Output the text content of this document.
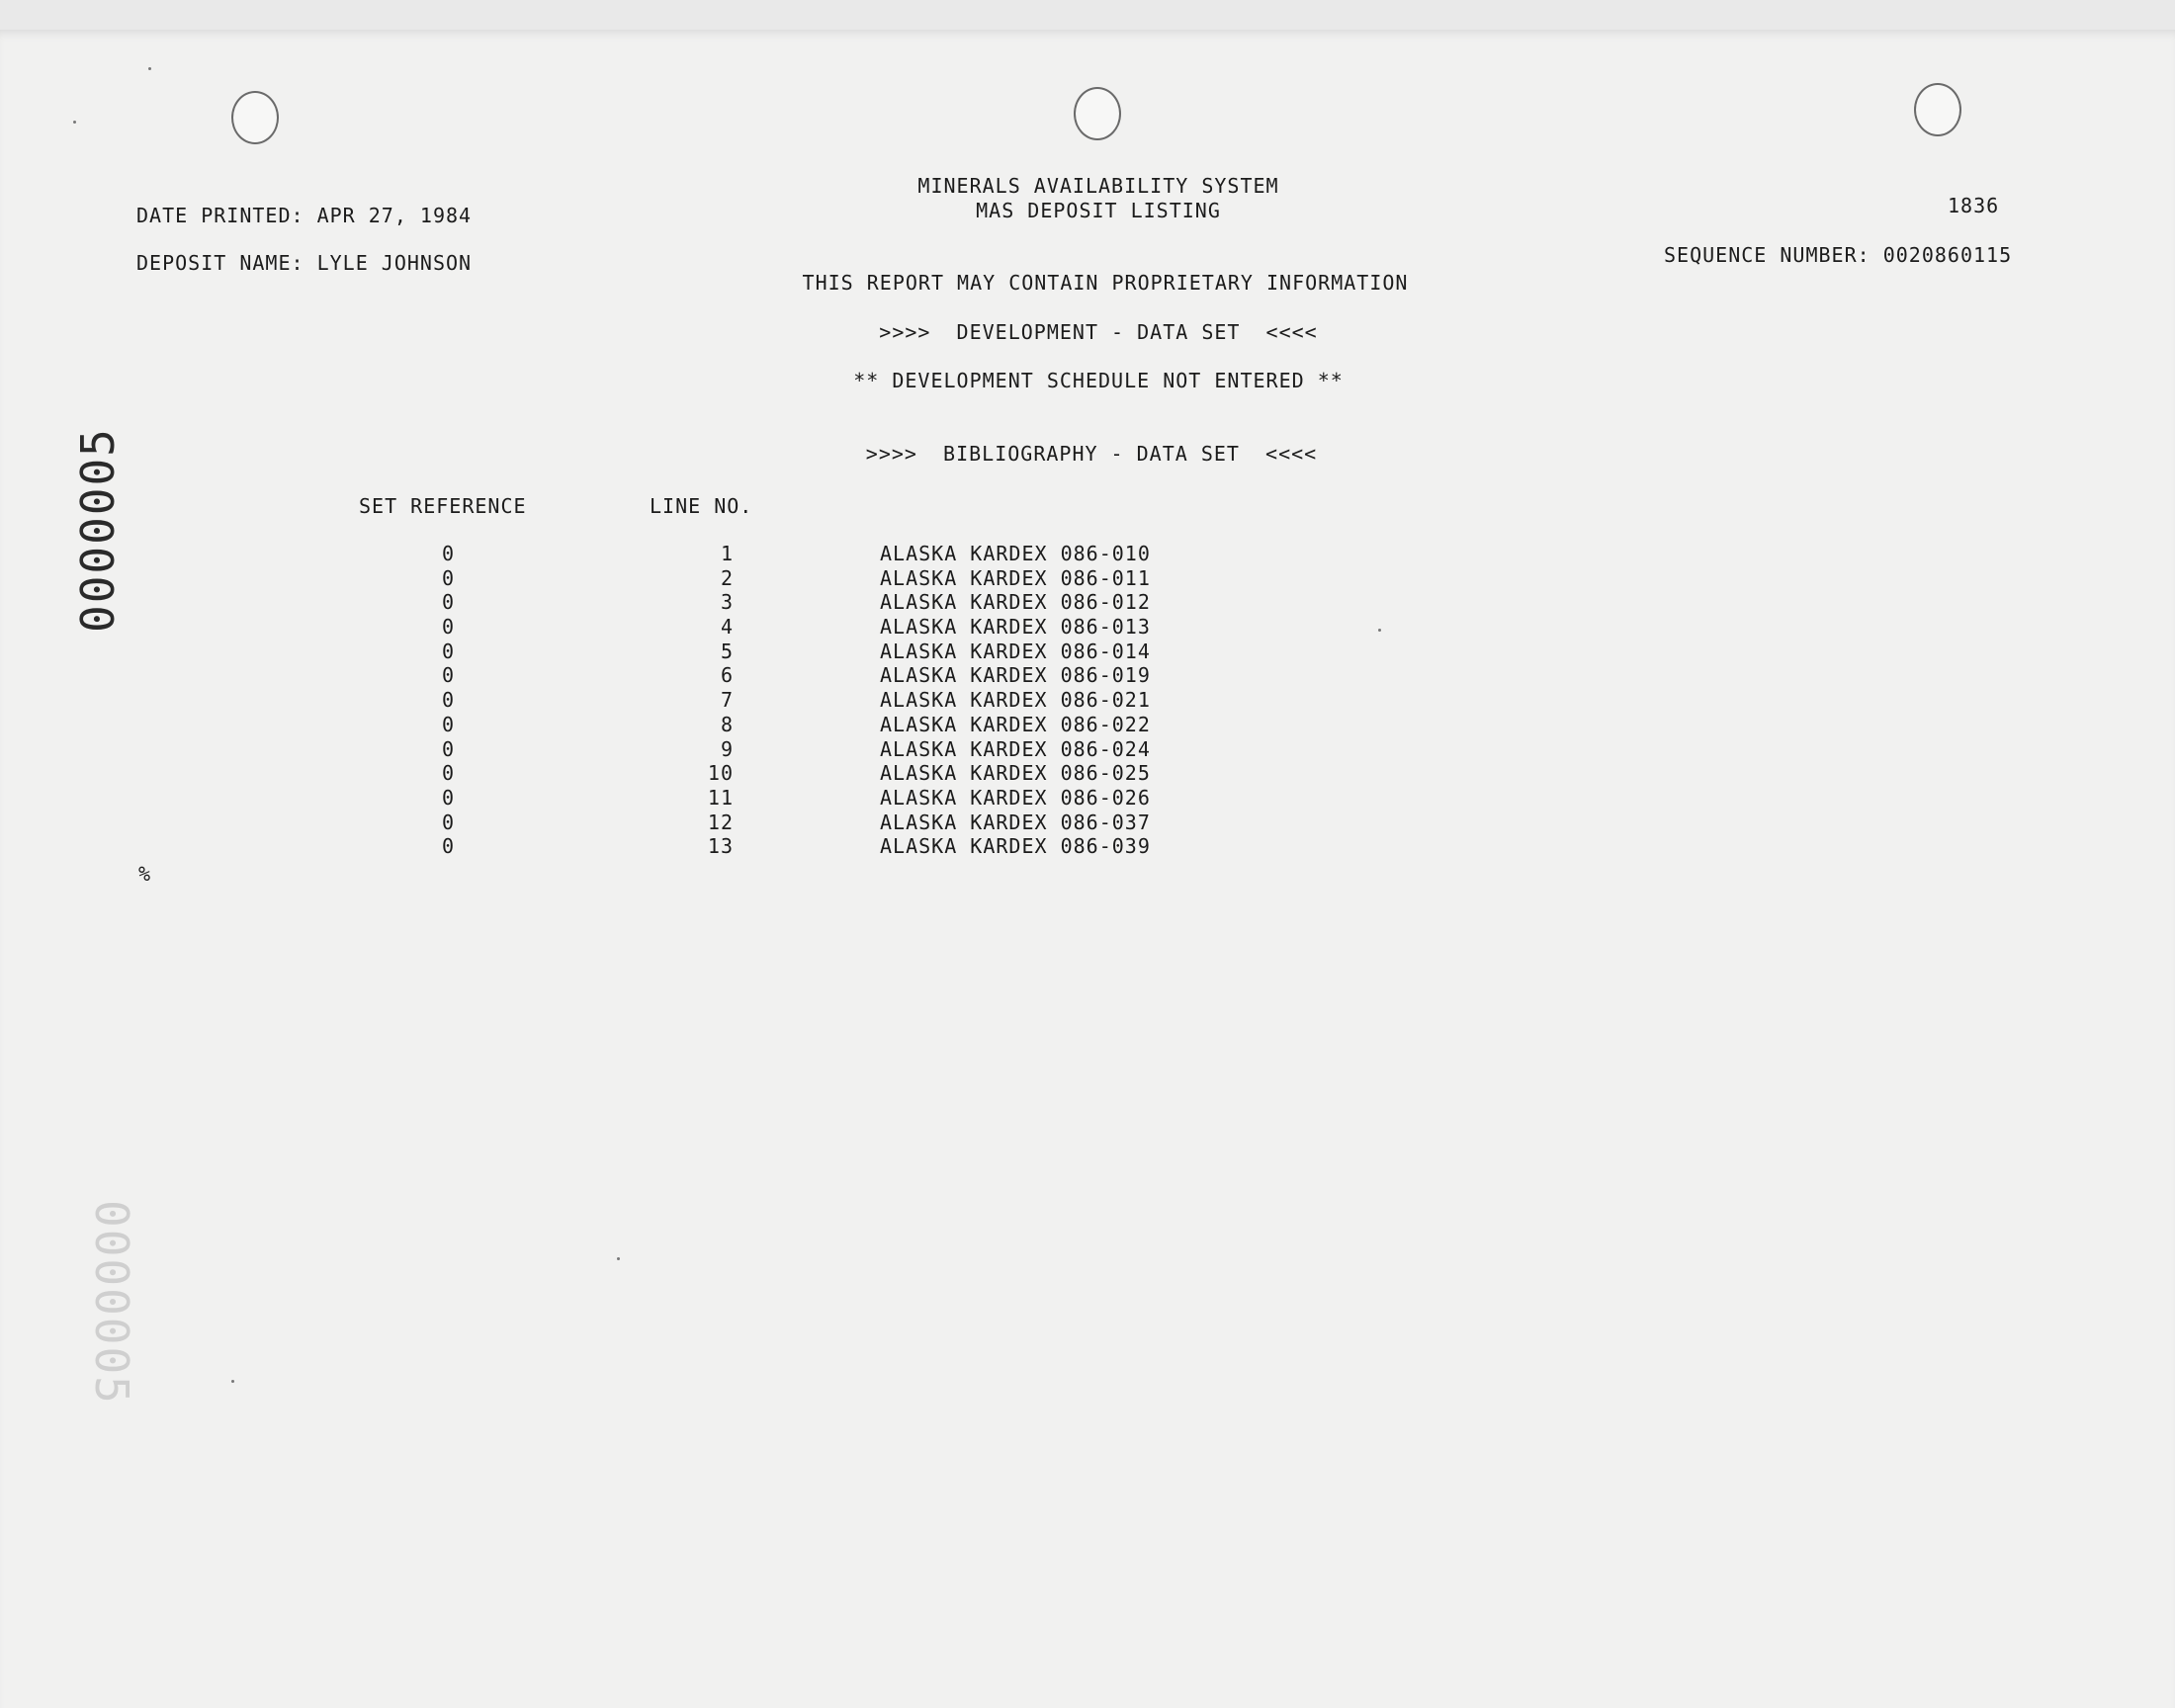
0000005
0000005
DATE PRINTED: APR 27, 1984
DEPOSIT NAME: LYLE JOHNSON
MINERALS AVAILABILITY SYSTEM
MAS DEPOSIT LISTING
THIS REPORT MAY CONTAIN PROPRIETARY INFORMATION
1836
SEQUENCE NUMBER: 0020860115
>>>>  DEVELOPMENT - DATA SET  <<<<
** DEVELOPMENT SCHEDULE NOT ENTERED **
>>>>  BIBLIOGRAPHY - DATA SET  <<<<
SET REFERENCE	LINE NO.
0	1	ALASKA KARDEX 086-010
0	2	ALASKA KARDEX 086-011
0	3	ALASKA KARDEX 086-012
0	4	ALASKA KARDEX 086-013
0	5	ALASKA KARDEX 086-014
0	6	ALASKA KARDEX 086-019
0	7	ALASKA KARDEX 086-021
0	8	ALASKA KARDEX 086-022
0	9	ALASKA KARDEX 086-024
0	10	ALASKA KARDEX 086-025
0	11	ALASKA KARDEX 086-026
0	12	ALASKA KARDEX 086-037
0	13	ALASKA KARDEX 086-039
%
